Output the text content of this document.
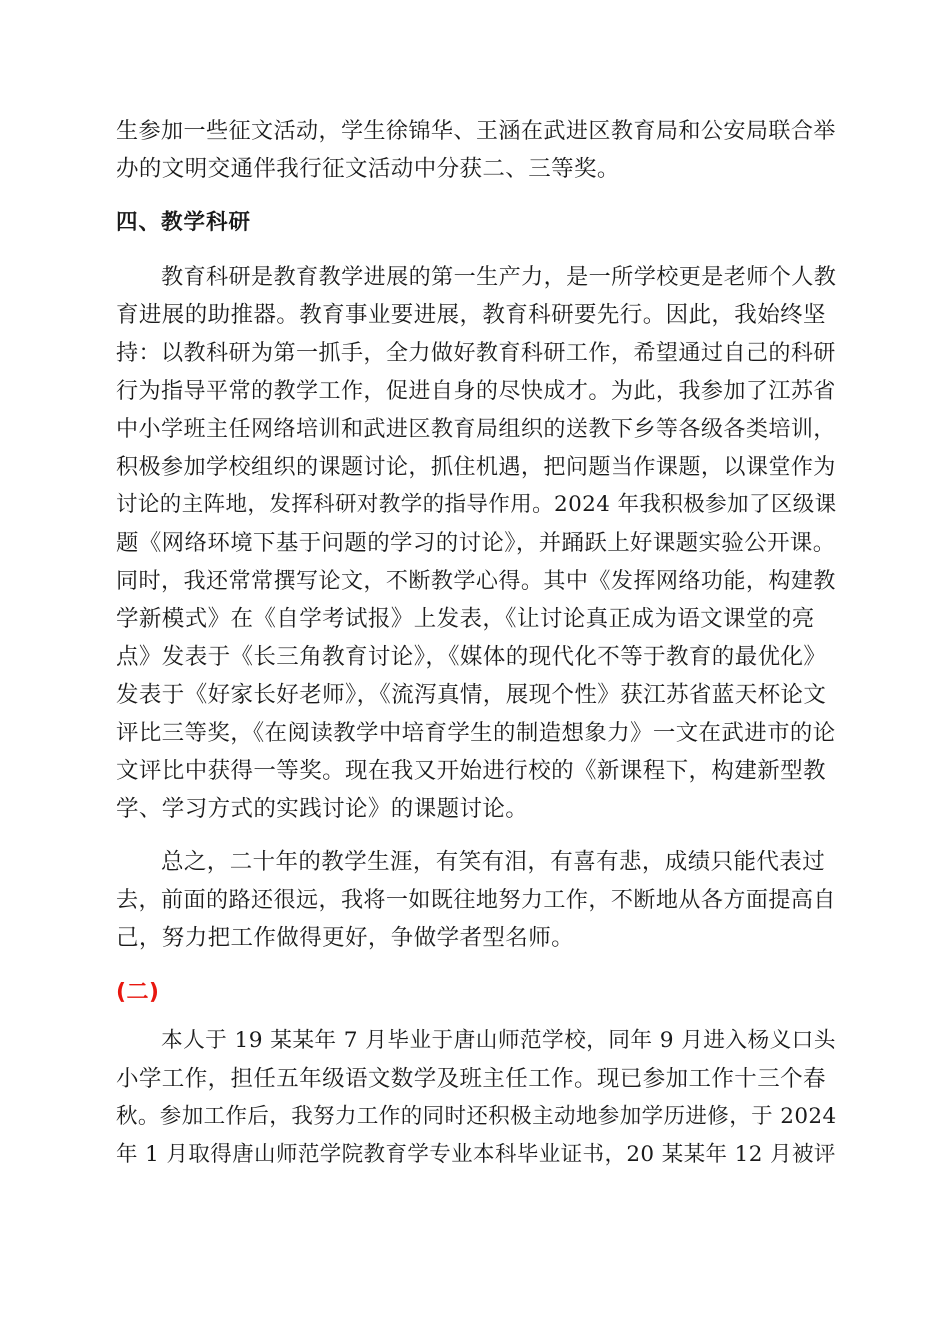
生参加一些征文活动，学生徐锦华、王涵在武进区教育局和公安局联合举
办的文明交通伴我行征文活动中分获二、三等奖。
四、教学科研
教育科研是教育教学进展的第一生产力，是一所学校更是老师个人教
育进展的助推器。教育事业要进展，教育科研要先行。因此，我始终坚
持：以教科研为第一抓手，全力做好教育科研工作，希望通过自己的科研
行为指导平常的教学工作，促进自身的尽快成才。为此，我参加了江苏省
中小学班主任网络培训和武进区教育局组织的送教下乡等各级各类培训，
积极参加学校组织的课题讨论，抓住机遇，把问题当作课题，以课堂作为
讨论的主阵地，发挥科研对教学的指导作用。2024 年我积极参加了区级课
题《网络环境下基于问题的学习的讨论》，并踊跃上好课题实验公开课。
同时，我还常常撰写论文，不断教学心得。其中《发挥网络功能，构建教
学新模式》在《自学考试报》上发表，《让讨论真正成为语文课堂的亮
点》发表于《长三角教育讨论》，《媒体的现代化不等于教育的最优化》
发表于《好家长好老师》，《流泻真情，展现个性》获江苏省蓝天杯论文
评比三等奖，《在阅读教学中培育学生的制造想象力》一文在武进市的论
文评比中获得一等奖。现在我又开始进行校的《新课程下，构建新型教
学、学习方式的实践讨论》的课题讨论。
总之，二十年的教学生涯，有笑有泪，有喜有悲，成绩只能代表过
去，前面的路还很远，我将一如既往地努力工作，不断地从各方面提高自
己，努力把工作做得更好，争做学者型名师。
(二)
本人于 19 某某年 7 月毕业于唐山师范学校，同年 9 月进入杨义口头
小学工作，担任五年级语文数学及班主任工作。现已参加工作十三个春
秋。参加工作后，我努力工作的同时还积极主动地参加学历进修，于 2024
年 1 月取得唐山师范学院教育学专业本科毕业证书，20 某某年 12 月被评
